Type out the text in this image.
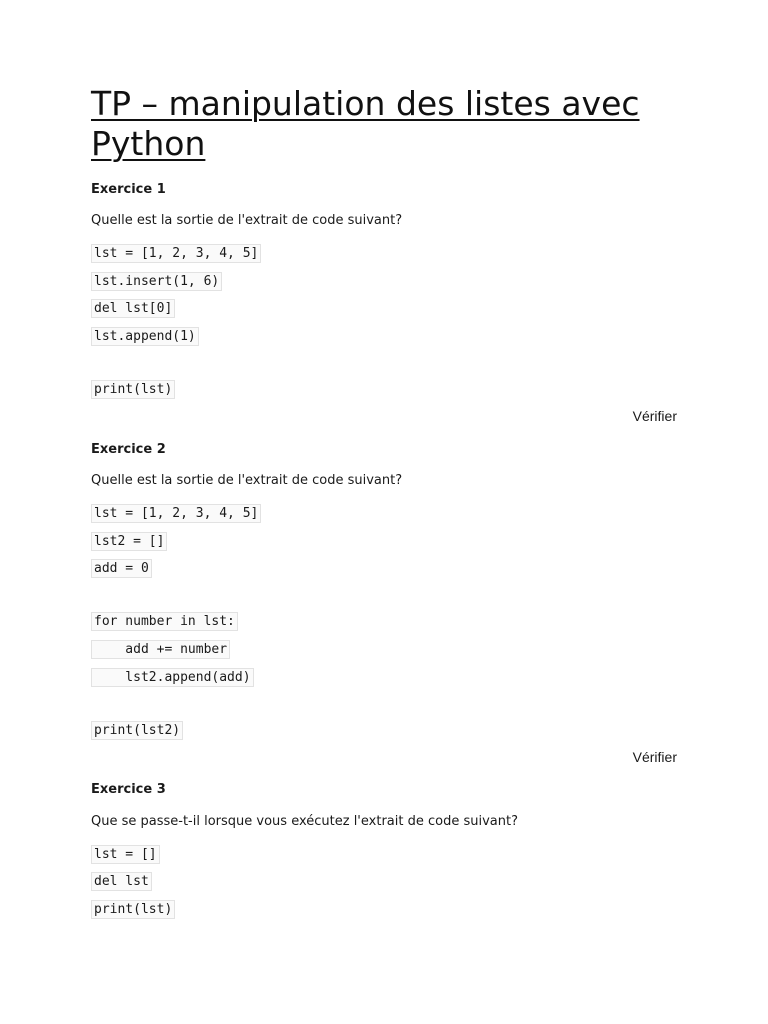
TP – manipulation des listes avec Python
Exercice 1
Quelle est la sortie de l'extrait de code suivant?
lst = [1, 2, 3, 4, 5]
lst.insert(1, 6)
del lst[0]
lst.append(1)
print(lst)
Vérifier
Exercice 2
Quelle est la sortie de l'extrait de code suivant?
lst = [1, 2, 3, 4, 5]
lst2 = []
add = 0
for number in lst:
add += number
lst2.append(add)
print(lst2)
Vérifier
Exercice 3
Que se passe-t-il lorsque vous exécutez l'extrait de code suivant?
lst = []
del lst
print(lst)
